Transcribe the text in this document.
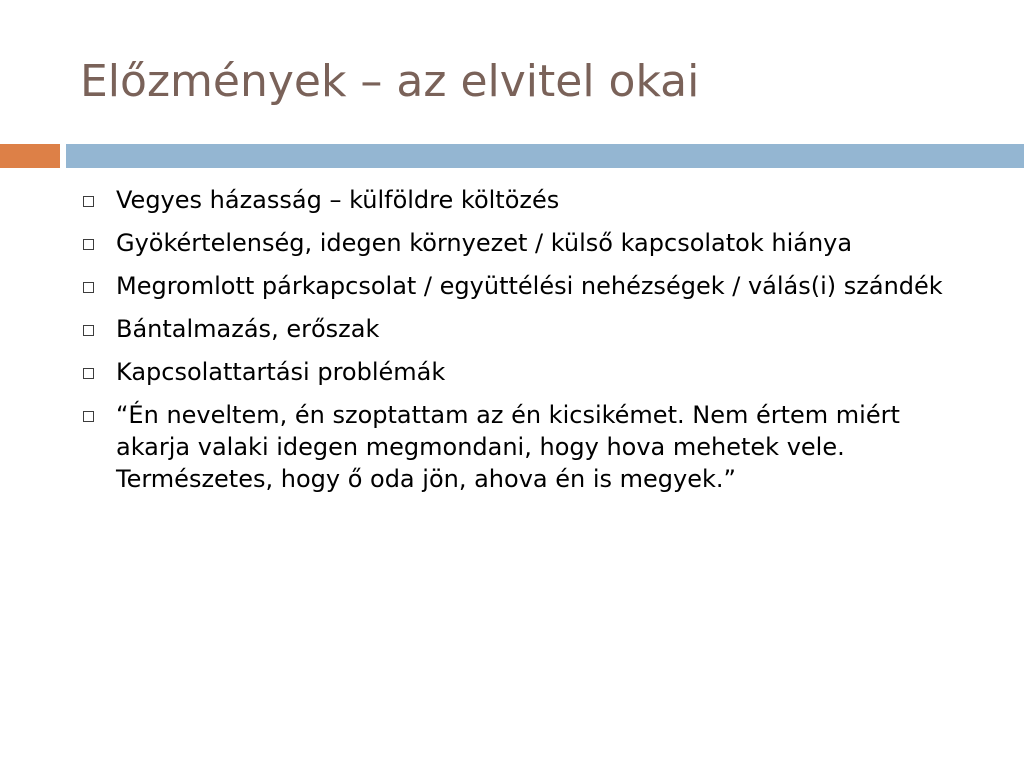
Előzmények – az elvitel okai
Vegyes házasság – külföldre költözés
Gyökértelenség, idegen környezet / külső kapcsolatok hiánya
Megromlott párkapcsolat / együttélési nehézségek / válás(i) szándék
Bántalmazás, erőszak
Kapcsolattartási problémák
“Én neveltem, én szoptattam az én kicsikémet. Nem értem miért akarja valaki idegen megmondani, hogy hova mehetek vele. Természetes, hogy ő oda jön, ahova én is megyek.”
